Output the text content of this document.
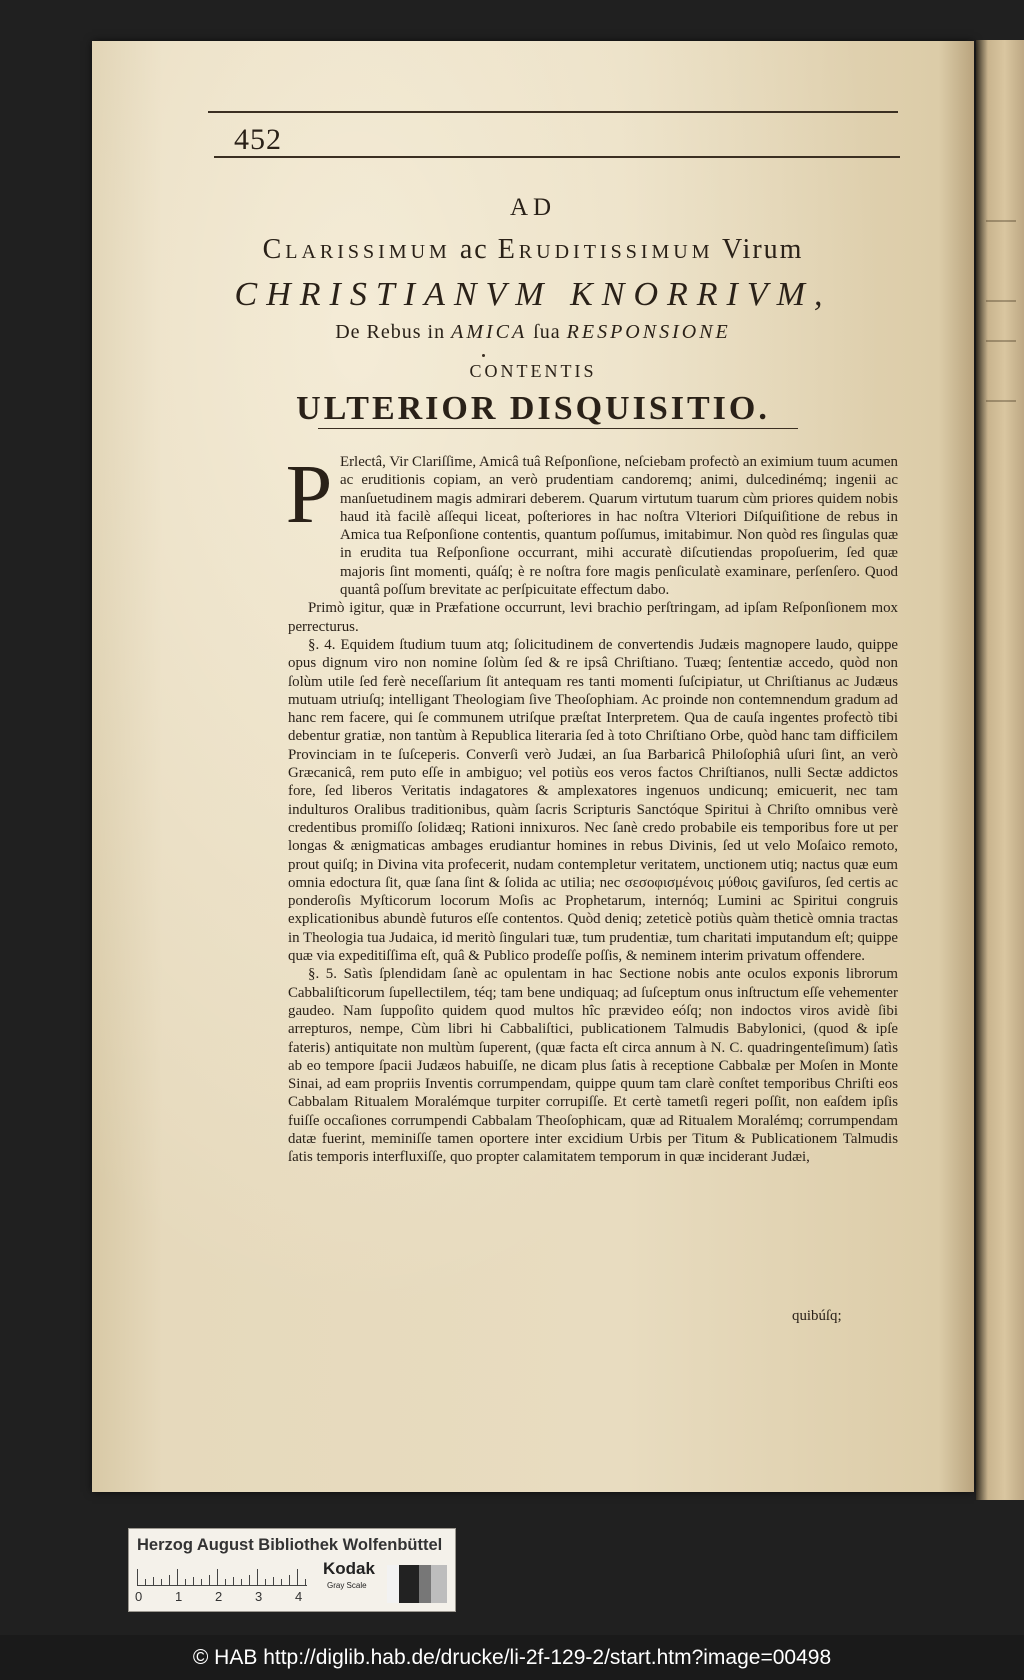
452
AD
Clarissimum ac Eruditissimum Virum
CHRISTIANVM KNORRIVM,
De Rebus in AMICA ſua RESPONSIONE
CONTENTIS
ULTERIOR DISQUISITIO.
P Erlectâ, Vir Clariſſime, Amicâ tuâ Reſponſione, neſciebam profectò an eximium tuum acumen ac eruditionis copiam, an verò prudentiam candoremq; animi, dulcedinémq; ingenii ac manſuetudinem magis admirari deberem. Quarum virtutum tuarum cùm priores quidem nobis haud ità facilè aſſequi liceat, poſteriores in hac noſtra Vlteriori Diſquiſitione de rebus in Amica tua Reſponſione contentis, quantum poſſumus, imitabimur. Non quòd res ſingulas quæ in erudita tua Reſponſione occurrant, mihi accuratè diſcutiendas propoſuerim, ſed quæ majoris ſint momenti, quáſq; è re noſtra fore magis penſiculatè examinare, perſenſero. Quod quantâ poſſum brevitate ac perſpicuitate effectum dabo.

Primò igitur, quæ in Præfatione occurrunt, levi brachio perſtringam, ad ipſam Reſponſionem mox perrecturus.

§. 4. Equidem ſtudium tuum atq; ſolicitudinem de convertendis Judæis magnopere laudo, quippe opus dignum viro non nomine ſolùm ſed & re ipsâ Chriſtiano. Tuæq; ſententiæ accedo, quòd non ſolùm utile ſed ferè neceſſarium ſit antequam res tanti momenti ſuſcipiatur, ut Chriſtianus ac Judæus mutuam utriuſq; intelligant Theologiam ſive Theoſophiam. Ac proinde non contemnendum gradum ad hanc rem facere, qui ſe communem utriſque præſtat Interpretem. Qua de cauſa ingentes profectò tibi debentur gratiæ, non tantùm à Republica literaria ſed à toto Chriſtiano Orbe, quòd hanc tam difficilem Provinciam in te ſuſceperis. Converſi verò Judæi, an ſua Barbaricâ Philoſophiâ uſuri ſint, an verò Græcanicâ, rem puto eſſe in ambiguo; vel potiùs eos veros factos Chriſtianos, nulli Sectæ addictos fore, ſed liberos Veritatis indagatores & amplexatores ingenuos undicunq; emicuerit, nec tam indulturos Oralibus traditionibus, quàm ſacris Scripturis Sanctóque Spiritui à Chriſto omnibus verè credentibus promiſſo ſolidæq; Rationi innixuros. Nec ſanè credo probabile eis temporibus fore ut per longas & ænigmaticas ambages erudiantur homines in rebus Divinis, ſed ut velo Moſaico remoto, prout quiſq; in Divina vita profecerit, nudam contempletur veritatem, unctionem utiq; nactus quæ eum omnia edoctura ſit, quæ ſana ſint & ſolida ac utilia; nec σεσοφισμένοις μύθοις gaviſuros, ſed certis ac ponderoſis Myſticorum locorum Moſis ac Prophetarum, internóq; Lumini ac Spiritui congruis explicationibus abundè futuros eſſe contentos. Quòd deniq; zeteticè potiùs quàm theticè omnia tractas in Theologia tua Judaica, id meritò ſingulari tuæ, tum prudentiæ, tum charitati imputandum eſt; quippe quæ via expeditiſſima eſt, quâ & Publico prodeſſe poſſis, & neminem interim privatum offendere.

§. 5. Satìs ſplendidam ſanè ac opulentam in hac Sectione nobis ante oculos exponis librorum Cabbaliſticorum ſupellectilem, téq; tam bene undiquaq; ad ſuſceptum onus inſtructum eſſe vehementer gaudeo. Nam ſuppoſito quidem quod multos hîc prævideo eóſq; non indoctos viros avidè ſibi arrepturos, nempe, Cùm libri hi Cabbaliſtici, publicationem Talmudis Babylonici, (quod & ipſe fateris) antiquitate non multùm ſuperent, (quæ facta eſt circa annum à N. C. quadringenteſimum) ſatìs ab eo tempore ſpacii Judæos habuiſſe, ne dicam plus ſatis à receptione Cabbalæ per Moſen in Monte Sinai, ad eam propriis Inventis corrumpendam, quippe quum tam clarè conſtet temporibus Chriſti eos Cabbalam Ritualem Moralémque turpiter corrupiſſe. Et certè tametſi regeri poſſit, non eaſdem ipſis fuiſſe occaſiones corrumpendi Cabbalam Theoſophicam, quæ ad Ritualem Moralémq; corrumpendam datæ fuerint, meminiſſe tamen oportere inter excidium Urbis per Titum & Publicationem Talmudis ſatis temporis interfluxiſſe, quo propter calamitatem temporum in quæ inciderant Judæi,

quibúſq;
Herzog August Bibliothek Wolfenbüttel
0	1	2	3	4
Kodak
Gray Scale
© HAB http://diglib.hab.de/drucke/li-2f-129-2/start.htm?image=00498
